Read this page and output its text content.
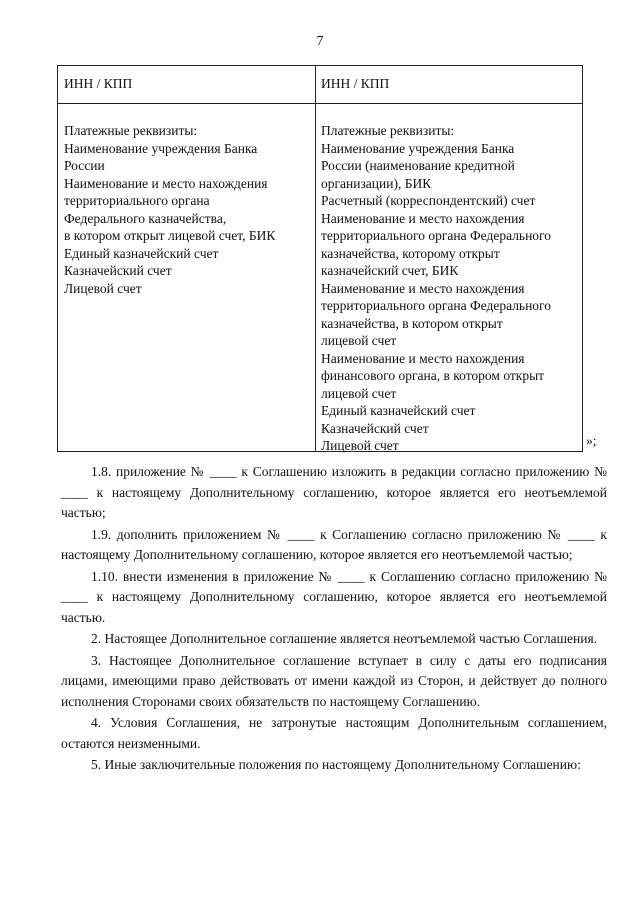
7
ИНН / КПП	ИНН / КПП
Платежные реквизиты:
Наименование учреждения Банка
России
Наименование и место нахождения
территориального органа
Федерального казначейства,
в котором открыт лицевой счет, БИК
Единый казначейский счет
Казначейский счет
Лицевой счет
Платежные реквизиты:
Наименование учреждения Банка
России (наименование кредитной
организации), БИК
Расчетный (корреспондентский) счет
Наименование и место нахождения
территориального органа Федерального
казначейства, которому открыт
казначейский счет, БИК
Наименование и место нахождения
территориального органа Федерального
казначейства, в котором открыт
лицевой счет
Наименование и место нахождения
финансового органа, в котором открыт
лицевой счет
Единый казначейский счет
Казначейский счет
Лицевой счет	»;

1.8. приложение № ____ к Соглашению изложить в редакции согласно приложению № ____ к настоящему Дополнительному соглашению, которое является его неотъемлемой частью;

1.9. дополнить приложением № ____ к Соглашению согласно приложению № ____ к настоящему Дополнительному соглашению, которое является его неотъемлемой частью;

1.10. внести изменения в приложение № ____ к Соглашению согласно приложению № ____ к настоящему Дополнительному соглашению, которое является его неотъемлемой частью.

2. Настоящее Дополнительное соглашение является неотъемлемой частью Соглашения.

3. Настоящее Дополнительное соглашение вступает в силу с даты его подписания лицами, имеющими право действовать от имени каждой из Сторон, и действует до полного исполнения Сторонами своих обязательств по настоящему Соглашению.

4. Условия Соглашения, не затронутые настоящим Дополнительным соглашением, остаются неизменными.

5. Иные заключительные положения по настоящему Дополнительному Соглашению:
